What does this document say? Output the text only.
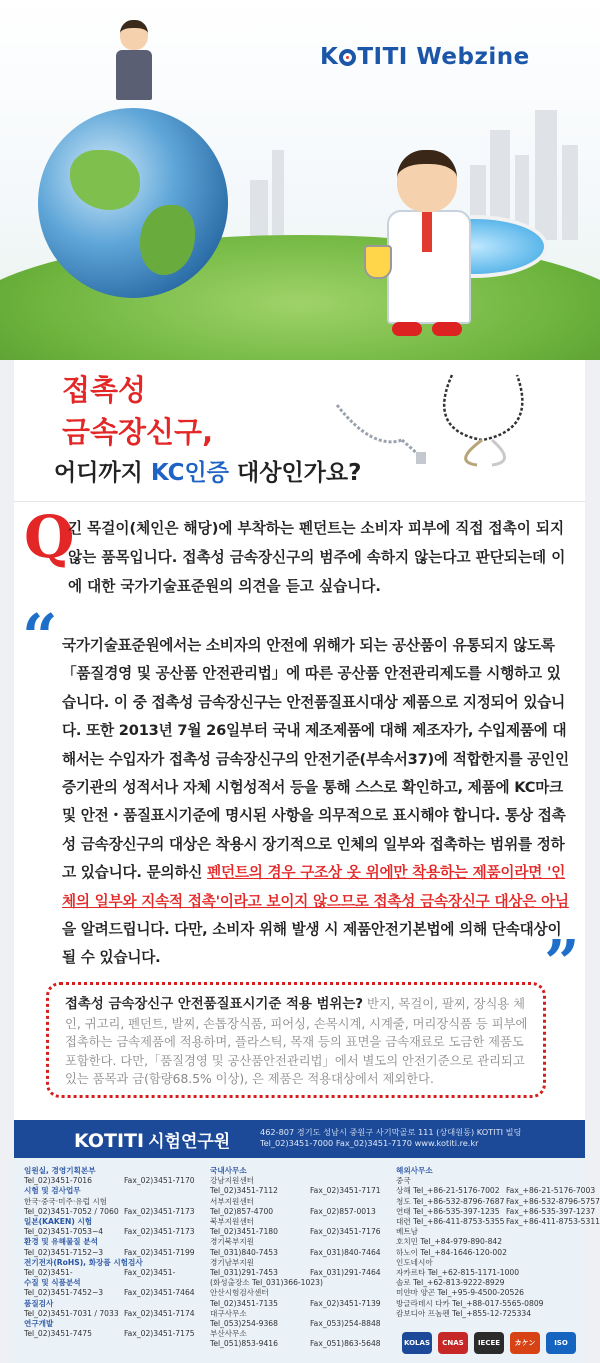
K TITI Webzine
접촉성
금속장신구,
어디까지 KC인증 대상인가요?
Q
긴 목걸이(체인은 해당)에 부착하는 펜던트는 소비자 피부에 직접 접촉이 되지 않는 품목입니다. 접촉성 금속장신구의 범주에 속하지 않는다고 판단되는데 이에 대한 국가기술표준원의 의견을 듣고 싶습니다.
“ 국가기술표준원에서는 소비자의 안전에 위해가 되는 공산품이 유통되지 않도록 「품질경영 및 공산품 안전관리법」에 따른 공산품 안전관리제도를 시행하고 있습니다. 이 중 접촉성 금속장신구는 안전품질표시대상 제품으로 지정되어 있습니다. 또한 2013년 7월 26일부터 국내 제조제품에 대해 제조자가, 수입제품에 대해서는 수입자가 접촉성 금속장신구의 안전기준(부속서37)에 적합한지를 공인인증기관의 성적서나 자체 시험성적서 등을 통해 스스로 확인하고, 제품에 KC마크 및 안전・품질표시기준에 명시된 사항을 의무적으로 표시해야 합니다. 통상 접촉성 금속장신구의 대상은 착용시 장기적으로 인체의 일부와 접촉하는 범위를 정하고 있습니다. 문의하신 펜던트의 경우 구조상 옷 위에만 착용하는 제품이라면 '인체의 일부와 지속적 접촉'이라고 보이지 않으므로 접촉성 금속장신구 대상은 아님을 알려드립니다. 다만, 소비자 위해 발생 시 제품안전기본법에 의해 단속대상이 될 수 있습니다.	”
접촉성 금속장신구 안전품질표시기준 적용 범위는? 반지, 목걸이, 팔찌, 장식용 체인, 귀고리, 펜던트, 발찌, 손톱장식품, 피어싱, 손목시계, 시계줄, 머리장식품 등 피부에 접촉하는 금속제품에 적용하며, 플라스틱, 목재 등의 표면을 금속재료로 도금한 제품도 포함한다. 다만,「품질경영 및 공산품안전관리법」에서 별도의 안전기준으로 관리되고 있는 품목과 금(함량68.5% 이상), 은 제품은 적용대상에서 제외한다.
KOTITI 시험연구원	462-807 경기도 성남시 중원구 사기막골로 111 (상대원동) KOTITI 빌딩
Tel_02)3451-7000 Fax_02)3451-7170 www.kotiti.re.kr
임원실, 경영기획본부
Tel_02)3451-7016	Fax_02)3451-7170
시험 및 검사업무
한국·중국·미주·유럽 시험
Tel_02)3451-7052 / 7060 Fax_02)3451-7173
일본(KAKEN) 시험
Tel_02)3451-7053~4	Fax_02)3451-7173
환경 및 유해물질 분석
Tel_02)3451-7152~3	Fax_02)3451-7199
전기전자(RoHS), 화장품 시험검사
Tel_02)3451-	Fax_02)3451-
수질 및 식품분석
Tel_02)3451-7452~3	Fax_02)3451-7464
품질검사
Tel_02)3451-7031 / 7033 Fax_02)3451-7174
연구개발
Tel_02)3451-7475	Fax_02)3451-7175
국내사무소
강남지원센터
Tel_02)3451-7112	Fax_02)3451-7171
서부지원센터
Tel_02)857-4700	Fax_02)857-0013
북부지원센터
Tel_02)3451-7180	Fax_02)3451-7176
경기북부지원
Tel_031)840-7453	Fax_031)840-7464
경기남부지원
Tel_031)291-7453	Fax_031)291-7464
(화성출장소 Tel_031)366-1023)
안산시험검사센터
Tel_02)3451-7135	Fax_02)3451-7139
대구사무소
Tel_053)254-9368	Fax_053)254-8848
부산사무소
Tel_051)853-9416	Fax_051)863-5648
해외사무소
중국
상해 Tel_+86-21-5176-7002 Fax_+86-21-5176-7003
청도 Tel_+86-532-8796-7687 Fax_+86-532-8796-5757
연태 Tel_+86-535-397-1235 Fax_+86-535-397-1237
대련 Tel_+86-411-8753-5355 Fax_+86-411-8753-5311
베트남
호치민 Tel_+84-979-890-842
하노이 Tel_+84-1646-120-002
인도네시아
자카르타 Tel_+62-815-1171-1000
솔로 Tel_+62-813-9222-8929
미얀마 양곤 Tel_+95-9-4500-20526
방글라데시 다카 Tel_+88-017-5565-0809
캄보디아 프놈펜 Tel_+855-12-725334
KOLAS CNAS IECEE カケン	ISO
